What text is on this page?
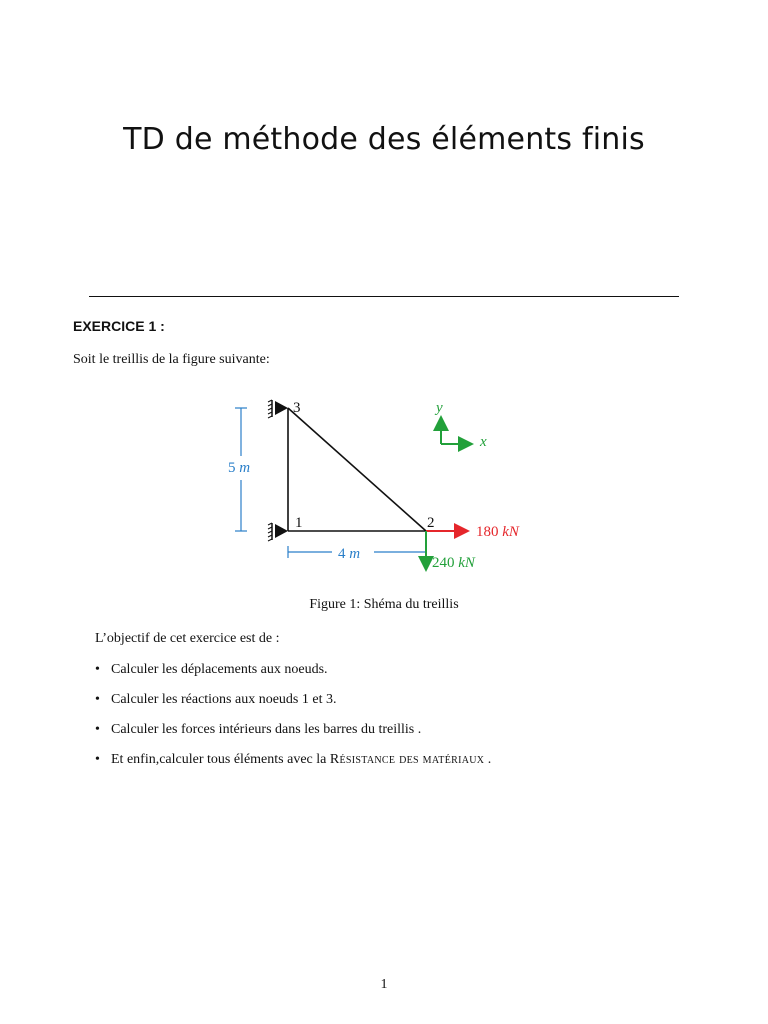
TD de méthode des éléments finis
EXERCICE 1 :
Soit le treillis de la figure suivante:
5 m
4 m
3
1	2
180 kN
240 kN
y
x
Figure 1: Shéma du treillis
L’objectif de cet exercice est de :
• Calculer les déplacements aux noeuds.
• Calculer les réactions aux noeuds 1 et 3.
• Calculer les forces intérieurs dans les barres du treillis .
• Et enfin,calculer tous éléments avec la Résistance des matériaux .
1
